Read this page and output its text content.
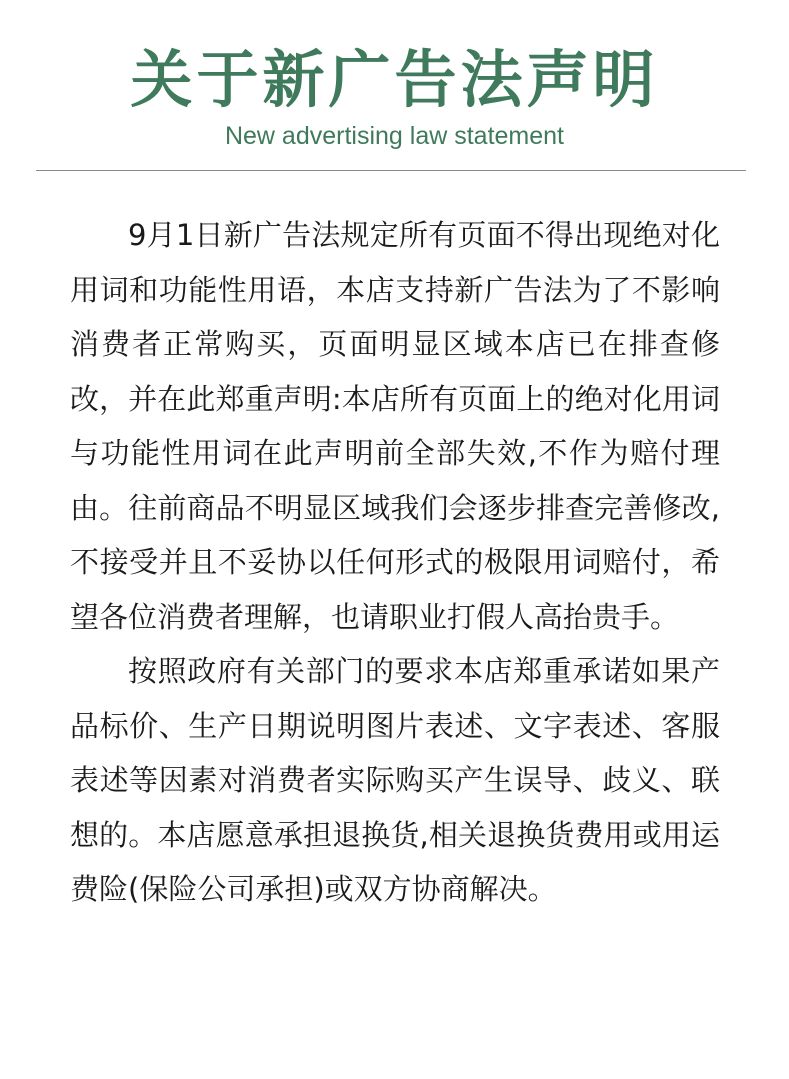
关于新广告法声明
New advertising law statement

9月1日新广告法规定所有页面不得出现绝对化用词和功能性用语，本店支持新广告法为了不影响消费者正常购买，页面明显区域本店已在排查修改，并在此郑重声明:本店所有页面上的绝对化用词与功能性用词在此声明前全部失效,不作为赔付理由。往前商品不明显区域我们会逐步排查完善修改,不接受并且不妥协以任何形式的极限用词赔付，希望各位消费者理解，也请职业打假人高抬贵手。

按照政府有关部门的要求本店郑重承诺如果产品标价、生产日期说明图片表述、文字表述、客服表述等因素对消费者实际购买产生误导、歧义、联想的。本店愿意承担退换货,相关退换货费用或用运费险(保险公司承担)或双方协商解决。
